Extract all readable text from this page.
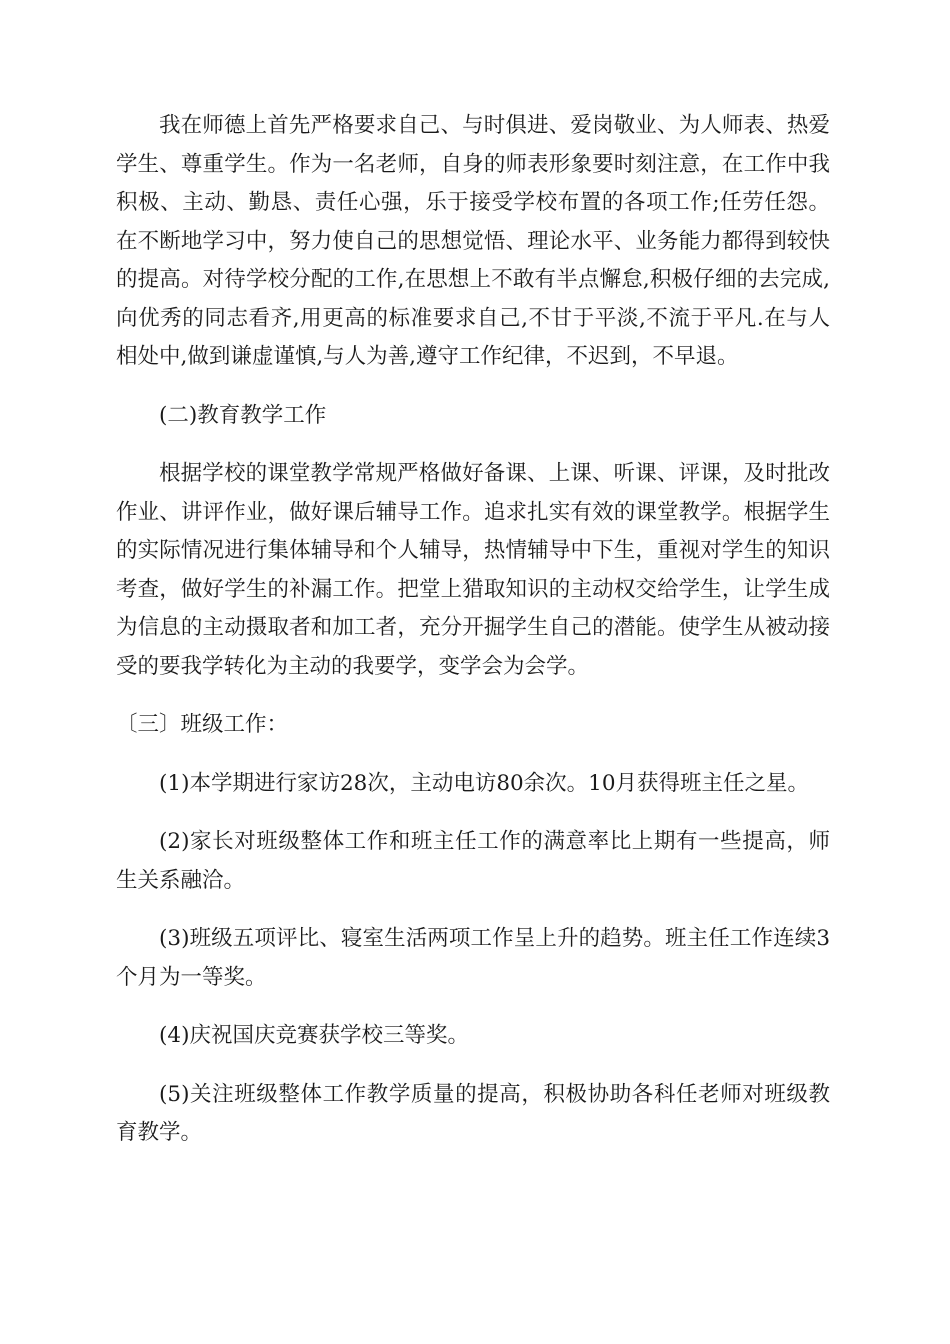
我在师德上首先严格要求自己、与时俱进、爱岗敬业、为人师表、热爱学生、尊重学生。作为一名老师，自身的师表形象要时刻注意，在工作中我积极、主动、勤恳、责任心强，乐于接受学校布置的各项工作;任劳任怨。在不断地学习中，努力使自己的思想觉悟、理论水平、业务能力都得到较快的提高。对待学校分配的工作,在思想上不敢有半点懈怠,积极仔细的去完成,向优秀的同志看齐,用更高的标准要求自己,不甘于平淡,不流于平凡.在与人相处中,做到谦虚谨慎,与人为善,遵守工作纪律，不迟到，不早退。

(二)教育教学工作

根据学校的课堂教学常规严格做好备课、上课、听课、评课，及时批改作业、讲评作业，做好课后辅导工作。追求扎实有效的课堂教学。根据学生的实际情况进行集体辅导和个人辅导，热情辅导中下生，重视对学生的知识考查，做好学生的补漏工作。把堂上猎取知识的主动权交给学生，让学生成为信息的主动摄取者和加工者，充分开掘学生自己的潜能。使学生从被动接受的要我学转化为主动的我要学，变学会为会学。

〔三〕班级工作：

(1)本学期进行家访28次，主动电访80余次。10月获得班主任之星。

(2)家长对班级整体工作和班主任工作的满意率比上期有一些提高，师生关系融洽。

(3)班级五项评比、寝室生活两项工作呈上升的趋势。班主任工作连续3个月为一等奖。

(4)庆祝国庆竞赛获学校三等奖。

(5)关注班级整体工作教学质量的提高，积极协助各科任老师对班级教育教学。
